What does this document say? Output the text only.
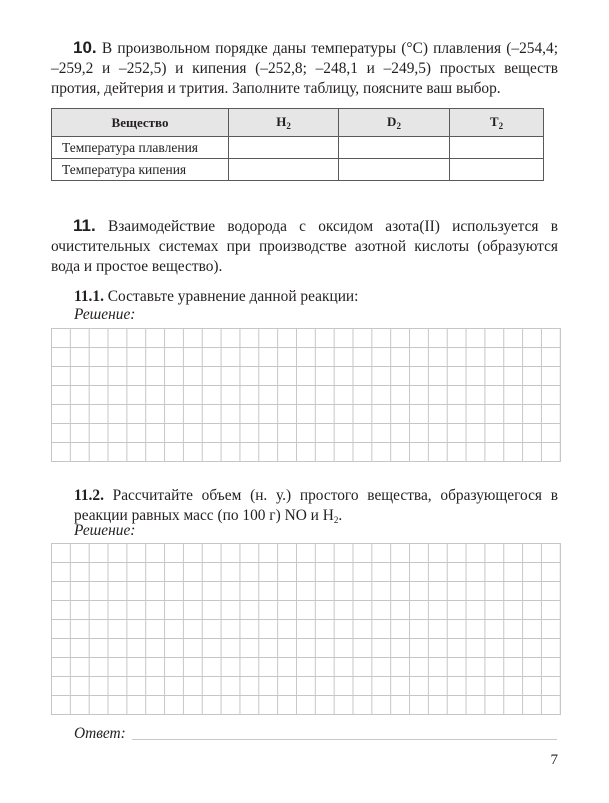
10. В произвольном порядке даны температуры (°C) плавления (–254,4; –259,2 и –252,5) и кипения (–252,8; –248,1 и –249,5) простых веществ протия, дейтерия и трития. Заполните таблицу, поясните ваш выбор.
Вещество	$H_2$	$D_2$	$T_2$
Температура плавления			
Температура кипения			
11. Взаимодействие водорода с оксидом азота(II) используется в очистительных системах при производстве азотной кислоты (образуются вода и простое вещество).
11.1. Составьте уравнение данной реакции:
Решение:
11.2. Рассчитайте объем (н. у.) простого вещества, образующегося в реакции равных масс (по 100 г) NO и $H_2$.
Решение:
Ответ:
7
